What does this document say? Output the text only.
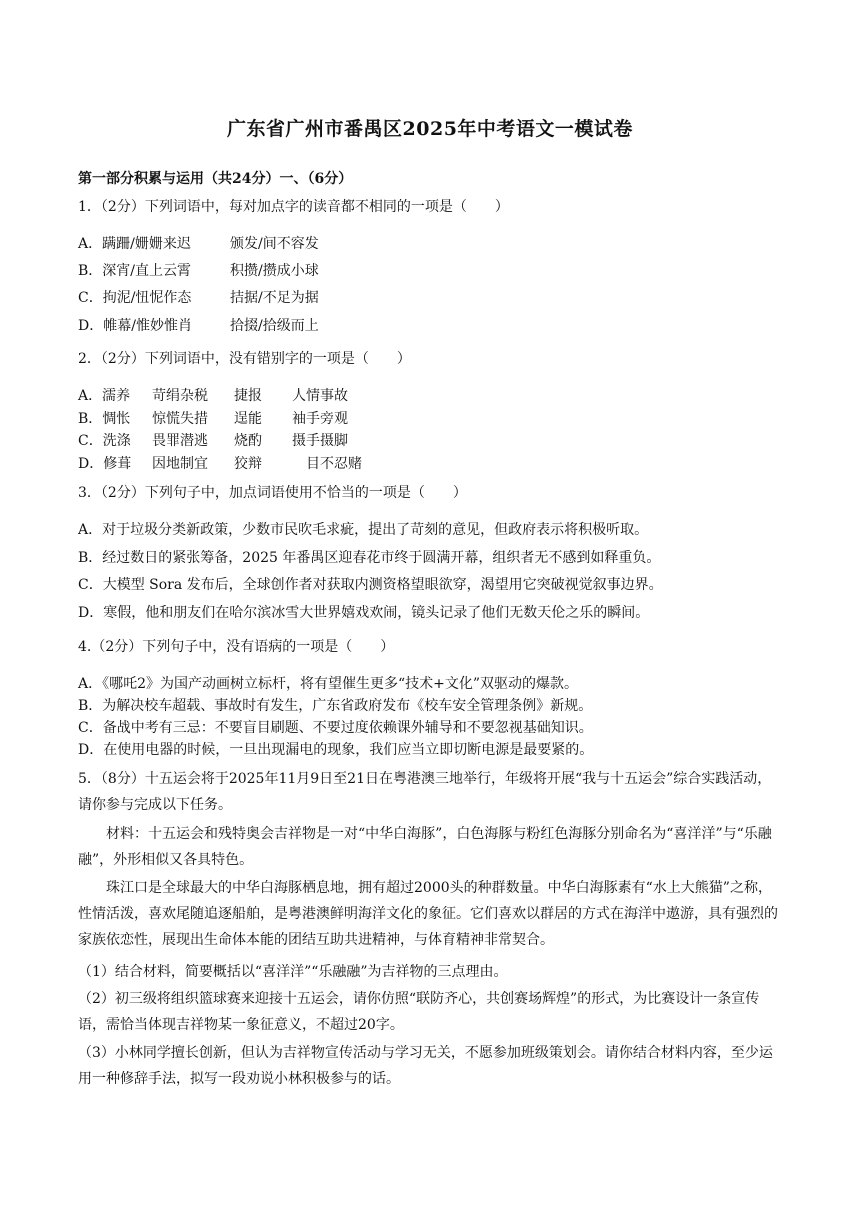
广东省广州市番禺区2025年中考语文一模试卷
第一部分积累与运用（共24分）一、（6分）
1．（2分）下列词语中，每对加点字的读音都不相同的一项是（　　）
A．蹒跚/姗姗来迟	颁发/间不容发
B．深宵/直上云霄	积攒/攒成小球
C．拘泥/忸怩作态	拮据/不足为据
D．帷幕/惟妙惟肖	拾掇/拾级而上
2．（2分）下列词语中，没有错别字的一项是（　　）
A．濡养 苛绢杂税 捷报 人情事故
B．惆怅 惊慌失措 逞能 袖手旁观
C．洗涤 畏罪潜逃 烧酌 摄手摄脚
D．修葺 因地制宜 狡辩	目不忍赌
3．（2分）下列句子中，加点词语使用不恰当的一项是（　　）
A．对于垃圾分类新政策，少数市民吹毛求疵，提出了苛刻的意见，但政府表示将积极听取。
B．经过数日的紧张筹备，2025 年番禺区迎春花市终于圆满开幕，组织者无不感到如释重负。
C．大模型 Sora 发布后，全球创作者对获取内测资格望眼欲穿，渴望用它突破视觉叙事边界。
D．寒假，他和朋友们在哈尔滨冰雪大世界嬉戏欢闹，镜头记录了他们无数天伦之乐的瞬间。
4.（2分）下列句子中，没有语病的一项是（　　）
A．《哪吒2》为国产动画树立标杆，将有望催生更多“技术+文化”双驱动的爆款。
B．为解决校车超载、事故时有发生，广东省政府发布《校车安全管理条例》新规。
C．备战中考有三忌：不要盲目刷题、不要过度依赖课外辅导和不要忽视基础知识。
D．在使用电器的时候，一旦出现漏电的现象，我们应当立即切断电源是最要紧的。
5．（8分）十五运会将于2025年11月9日至21日在粤港澳三地举行，年级将开展“我与十五运会”综合实践活动，请你参与完成以下任务。
材料：十五运会和残特奥会吉祥物是一对“中华白海豚”，白色海豚与粉红色海豚分别命名为“喜洋洋”与“乐融融”，外形相似又各具特色。
珠江口是全球最大的中华白海豚栖息地，拥有超过2000头的种群数量。中华白海豚素有“水上大熊猫”之称，性情活泼，喜欢尾随追逐船舶，是粤港澳鲜明海洋文化的象征。它们喜欢以群居的方式在海洋中遨游，具有强烈的家族依恋性，展现出生命体本能的团结互助共进精神，与体育精神非常契合。
（1）结合材料，简要概括以“喜洋洋”“乐融融”为吉祥物的三点理由。
（2）初三级将组织篮球赛来迎接十五运会，请你仿照“联防齐心，共创赛场辉煌”的形式，为比赛设计一条宣传语，需恰当体现吉祥物某一象征意义，不超过20字。
（3）小林同学擅长创新，但认为吉祥物宣传活动与学习无关，不愿参加班级策划会。请你结合材料内容，至少运用一种修辞手法，拟写一段劝说小林积极参与的话。
